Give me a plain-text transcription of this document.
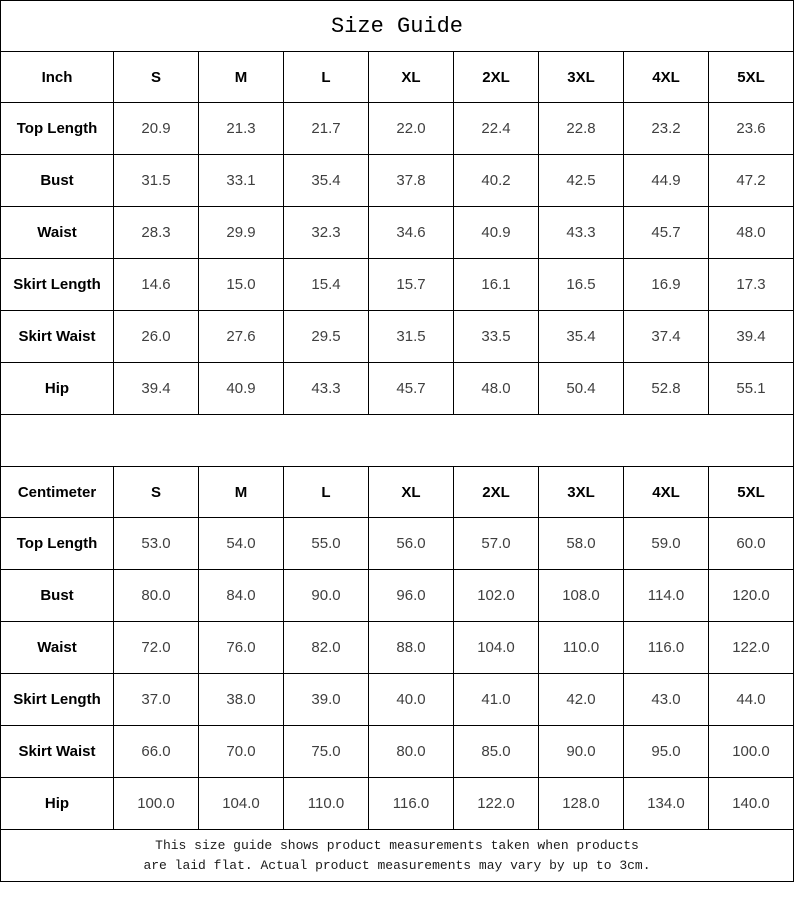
Size Guide								
Inch	S	M	L	XL	2XL	3XL	4XL	5XL
Top Length	20.9	21.3	21.7	22.0	22.4	22.8	23.2	23.6
Bust	31.5	33.1	35.4	37.8	40.2	42.5	44.9	47.2
Waist	28.3	29.9	32.3	34.6	40.9	43.3	45.7	48.0
Skirt Length	14.6	15.0	15.4	15.7	16.1	16.5	16.9	17.3
Skirt Waist	26.0	27.6	29.5	31.5	33.5	35.4	37.4	39.4
Hip	39.4	40.9	43.3	45.7	48.0	50.4	52.8	55.1

Centimeter	S	M	L	XL	2XL	3XL	4XL	5XL
Top Length	53.0	54.0	55.0	56.0	57.0	58.0	59.0	60.0
Bust	80.0	84.0	90.0	96.0	102.0	108.0	114.0	120.0
Waist	72.0	76.0	82.0	88.0	104.0	110.0	116.0	122.0
Skirt Length	37.0	38.0	39.0	40.0	41.0	42.0	43.0	44.0
Skirt Waist	66.0	70.0	75.0	80.0	85.0	90.0	95.0	100.0
Hip	100.0	104.0	110.0	116.0	122.0	128.0	134.0	140.0

This size guide shows product measurements taken when products
are laid flat. Actual product measurements may vary by up to 3cm.								
